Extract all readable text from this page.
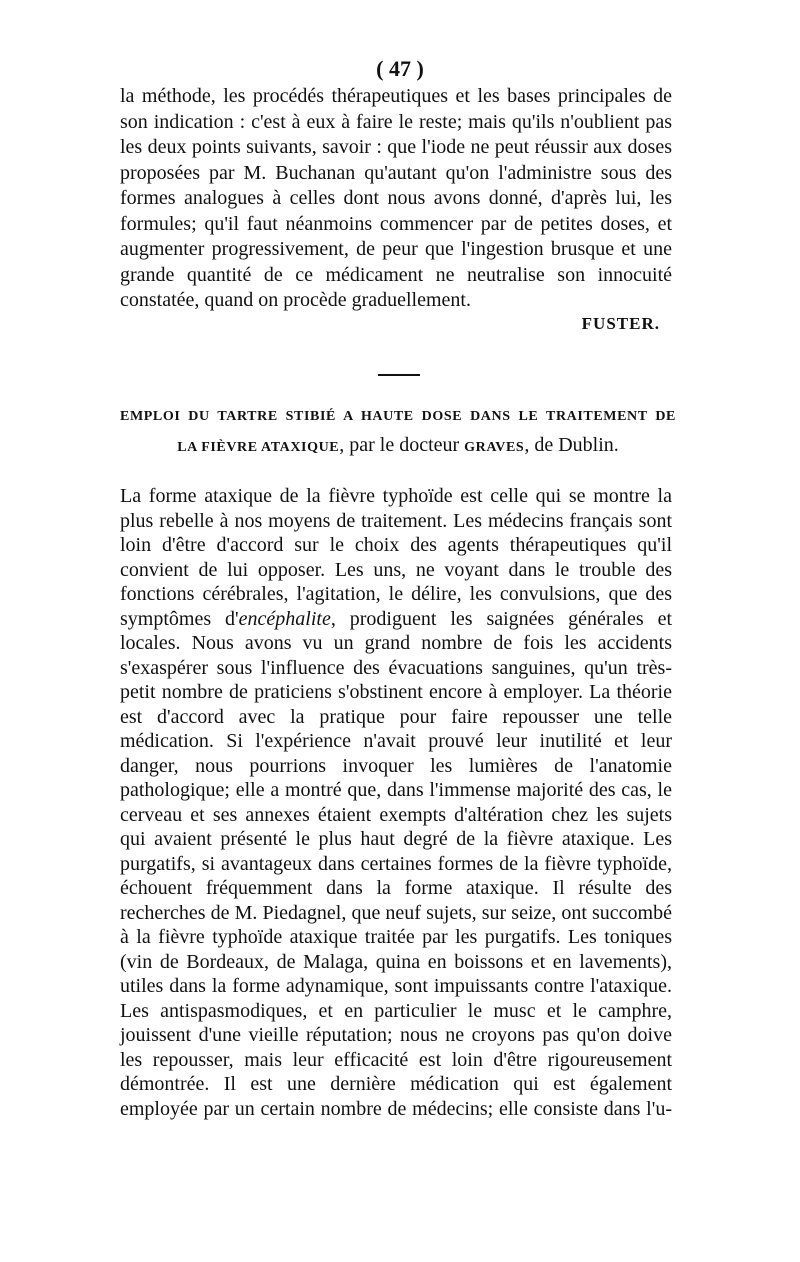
( 47 )

la méthode, les procédés thérapeutiques et les bases principales de son indication : c'est à eux à faire le reste; mais qu'ils n'oublient pas les deux points suivants, savoir : que l'iode ne peut réussir aux doses proposées par M. Buchanan qu'autant qu'on l'administre sous des formes analogues à celles dont nous avons donné, d'après lui, les formules; qu'il faut néanmoins commencer par de petites doses, et augmenter progressivement, de peur que l'ingestion brusque et une grande quantité de ce médicament ne neutralise son innocuité
constatée, quand on procède graduellement.

FUSTER.
EMPLOI DU TARTRE STIBIÉ A HAUTE DOSE DANS LE TRAITEMENT DE
LA FIÈVRE ATAXIQUE, par le docteur GRAVES, de Dublin.

La forme ataxique de la fièvre typhoïde est celle qui se montre la plus rebelle à nos moyens de traitement. Les médecins français sont loin d'être d'accord sur le choix des agents thérapeutiques qu'il convient de lui opposer. Les uns, ne voyant dans le trouble des fonctions cérébrales, l'agitation, le délire, les convulsions, que des symptômes d'encéphalite, prodiguent les saignées générales et locales. Nous avons vu un grand nombre de fois les accidents s'exaspérer sous l'influence des évacuations sanguines, qu'un très-petit nombre de praticiens s'obstinent encore à employer. La théorie est d'accord avec la pratique pour faire repousser une telle médication. Si l'expérience n'avait prouvé leur inutilité et leur danger, nous pourrions invoquer les lumières de l'anatomie pathologique; elle a montré que, dans l'immense majorité des cas, le cerveau et ses annexes étaient exempts d'altération chez les sujets qui avaient présenté le plus haut degré de la fièvre ataxique. Les purgatifs, si avantageux dans certaines formes de la fièvre typhoïde, échouent fréquemment dans la forme ataxique. Il résulte des recherches de M. Piedagnel, que neuf sujets, sur seize, ont succombé à la fièvre typhoïde ataxique traitée par les purgatifs. Les toniques (vin de Bordeaux, de Malaga, quina en boissons et en lavements), utiles dans la forme adynamique, sont impuissants contre l'ataxique. Les antispasmodiques, et en particulier le musc et le camphre, jouissent d'une vieille réputation; nous ne croyons pas qu'on doive les repousser, mais leur efficacité est loin d'être rigoureusement démontrée. Il est une dernière médication qui est également employée par un certain nombre de médecins; elle consiste dans l'u-
